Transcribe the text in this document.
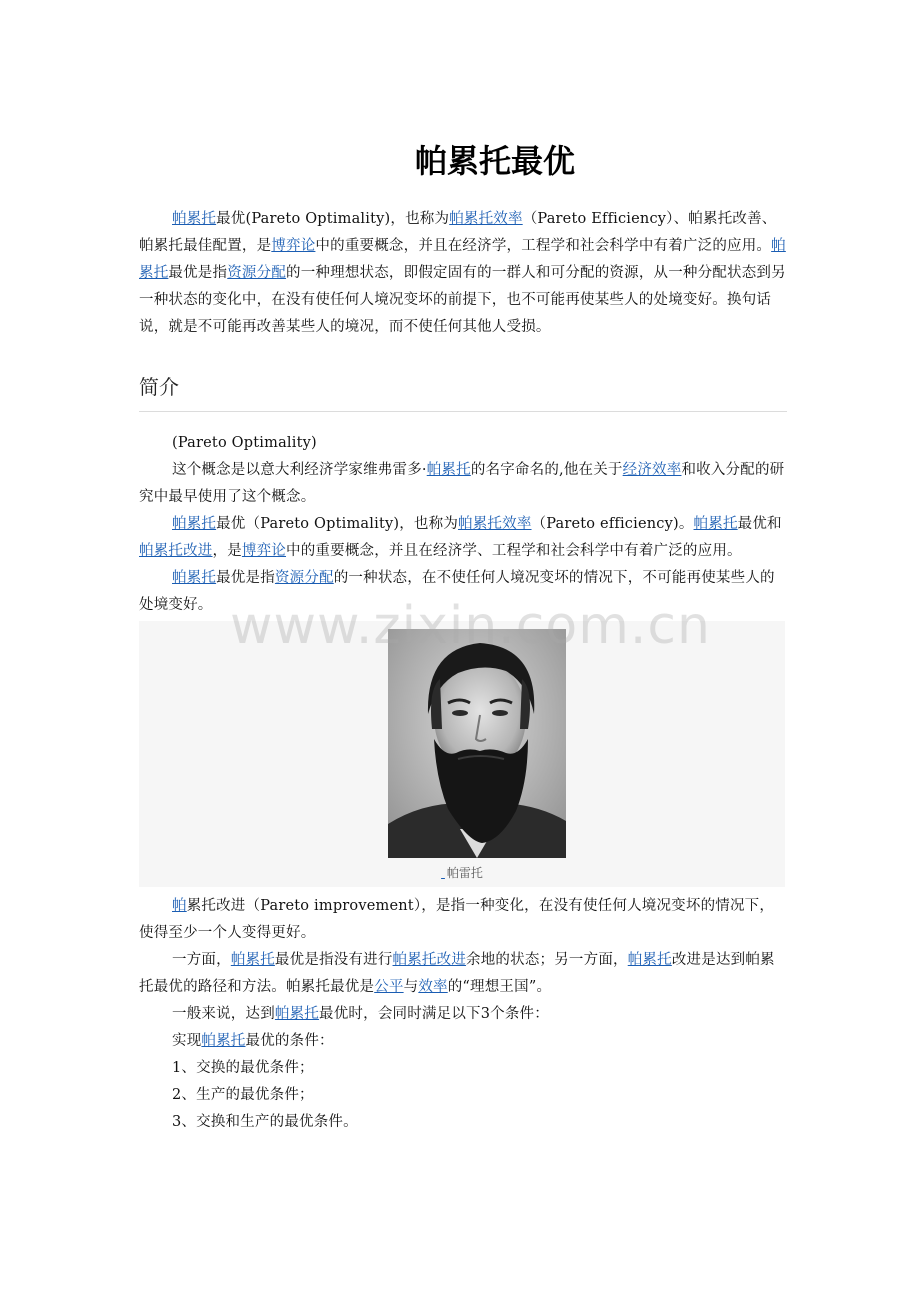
帕累托最优

帕累托最优(Pareto Optimality)，也称为帕累托效率（Pareto Efficiency）、帕累托改善、帕累托最佳配置，是博弈论中的重要概念，并且在经济学，工程学和社会科学中有着广泛的应用。帕累托最优是指资源分配的一种理想状态，即假定固有的一群人和可分配的资源，从一种分配状态到另一种状态的变化中，在没有使任何人境况变坏的前提下，也不可能再使某些人的处境变好。换句话说，就是不可能再改善某些人的境况，而不使任何其他人受损。

简介

(Pareto Optimality)

这个概念是以意大利经济学家维弗雷多·帕累托的名字命名的,他在关于经济效率和收入分配的研究中最早使用了这个概念。

帕累托最优（Pareto Optimality)，也称为帕累托效率（Pareto efficiency)。帕累托最优和帕累托改进，是博弈论中的重要概念，并且在经济学、工程学和社会科学中有着广泛的应用。

帕累托最优是指资源分配的一种状态，在不使任何人境况变坏的情况下，不可能再使某些人的处境变好。

帕雷托

帕累托改进（Pareto improvement），是指一种变化，在没有使任何人境况变坏的情况下，使得至少一个人变得更好。

一方面，帕累托最优是指没有进行帕累托改进余地的状态；另一方面，帕累托改进是达到帕累托最优的路径和方法。帕累托最优是公平与效率的“理想王国”。

一般来说，达到帕累托最优时，会同时满足以下3个条件：

实现帕累托最优的条件：

1、交换的最优条件；

2、生产的最优条件；

3、交换和生产的最优条件。

www.zixin.com.cn
